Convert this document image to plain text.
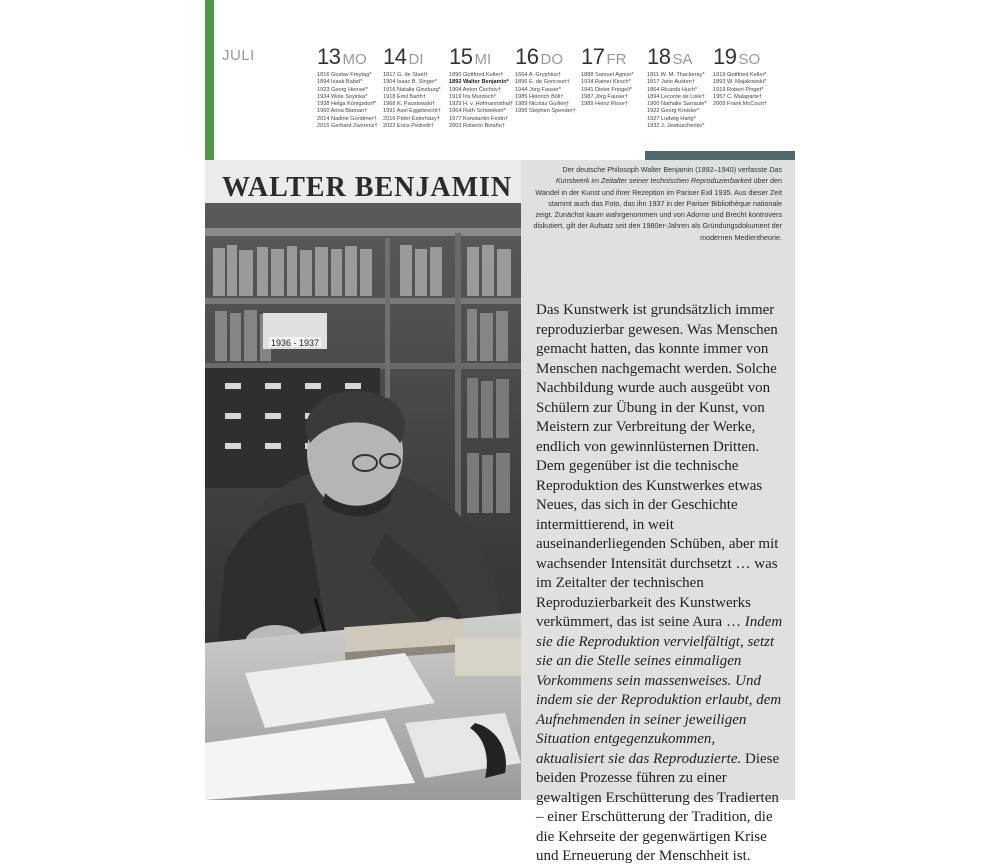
JULI	13 MO
1816 Gustav Freytag*
1894 Isaak Babel*
1923 Georg Hensel*
1934 Wole Soyinka*
1938 Helga Königsdorf*
1960 Anna Blaman†
2014 Nadine Gordimer†
2015 Gerhard Zwerenz†
14 DI
1817 G. de Staël†
1904 Isaac B. Singer*
1916 Natalia Ginzburg*
1918 Emil Barth†
1968 K. Paustowski†
1991 Axel Eggebrecht†
2016 Péter Esterházy†
2022 Erica Pedretti†
15 MI
1890 Gottfried Keller†
1892 Walter Benjamin*
1904 Anton Čechov†
1919 Iris Murdoch*
1929 H. v. Hofmannsthal†
1964 Ruth Schweikert*
1977 Konstantin Fedin†
2003 Roberto Bolaño†
16 DO
1664 A. Gryphius†
1896 E. de Goncourt†
1944 Jörg Fauser*
1985 Heinrich Böll†
1989 Nicolás Guillén†
1995 Stephen Spender†
17 FR
1888 Samuel Agnon*
1934 Rainer Kirsch*
1941 Dieter Fringeli*
1987 Jörg Fauser†
1989 Heinz Risse†
18 SA
1811 W. M. Thackeray*
1817 Jane Austen†
1864 Ricarda Huch*
1894 Leconte de Lisle†
1900 Nathalie Sarraute*
1922 Georg Kreisler*
1927 Ludwig Harig*
1932 J. Jewtuschenko*
19 SO
1819 Gottfried Keller*
1893 W. Majakowski*
1919 Robert Pinget*
1957 C. Malaparte†
2009 Frank McCourt†
WALTER BENJAMIN

Der deutsche Philosoph Walter Benjamin (1892–1940) verfasste Das Kunstwerk im Zeitalter seiner technischen Reproduzierbarkeit über den Wandel in der Kunst und ihrer Rezeption im Pariser Exil 1935. Aus dieser Zeit stammt auch das Foto, das ihn 1937 in der Pariser Bibliothèque nationale zeigt. Zunächst kaum wahrgenommen und von Adorno und Brecht kontrovers diskutiert, gilt der Aufsatz seit den 1980er-Jahren als Gründungsdokument der modernen Medientheorie.

1936 - 1937
Das Kunstwerk ist grundsätzlich immer reproduzierbar gewesen. Was Menschen gemacht hatten, das konnte immer von Menschen nachgemacht werden. Solche Nachbildung wurde auch ausgeübt von Schülern zur Übung in der Kunst, von Meistern zur Verbreitung der Werke, endlich von gewinnlüsternen Dritten. Dem gegenüber ist die technische Reproduktion des Kunstwerkes etwas Neues, das sich in der Geschichte intermittierend, in weit auseinanderliegenden Schüben, aber mit wachsender Intensität durchsetzt … was im Zeitalter der technischen Reproduzierbarkeit des Kunstwerks verkümmert, das ist seine Aura … Indem sie die Reproduktion vervielfältigt, setzt sie an die Stelle seines einmaligen Vorkommens sein massenweises. Und indem sie der Reproduktion erlaubt, dem Aufnehmenden in seiner jeweiligen Situation entgegenzukommen, aktualisiert sie das Reproduzierte. Diese beiden Prozesse führen zu einer gewaltigen Erschütterung des Tradierten – einer Erschütterung der Tradition, die die Kehrseite der gegenwärtigen Krise und Erneuerung der Menschheit ist.
